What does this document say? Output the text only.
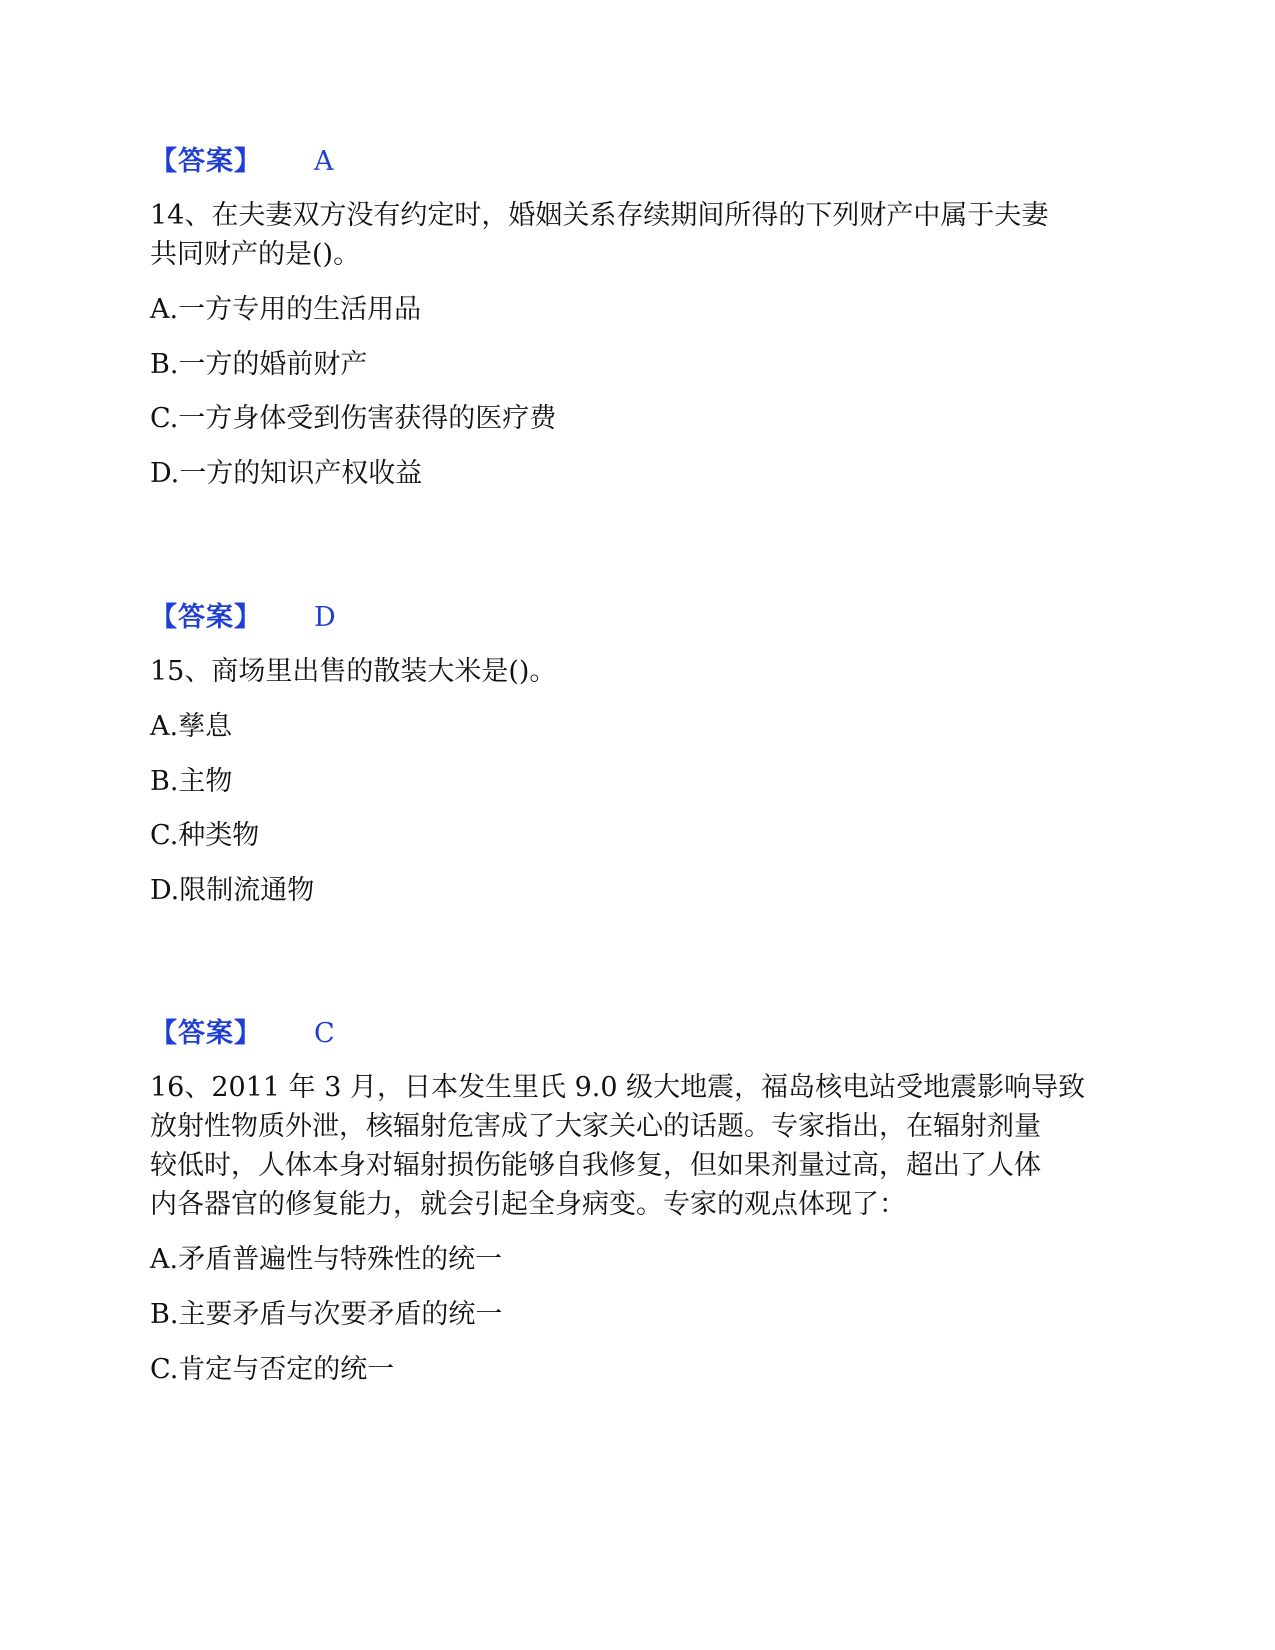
【答案】 A
14、在夫妻双方没有约定时，婚姻关系存续期间所得的下列财产中属于夫妻
共同财产的是()。
A.一方专用的生活用品
B.一方的婚前财产
C.一方身体受到伤害获得的医疗费
D.一方的知识产权收益
【答案】 D
15、商场里出售的散装大米是()。
A.孳息
B.主物
C.种类物
D.限制流通物
【答案】 C
16、2011 年 3 月，日本发生里氏 9.0 级大地震，福岛核电站受地震影响导致
放射性物质外泄，核辐射危害成了大家关心的话题。专家指出，在辐射剂量
较低时，人体本身对辐射损伤能够自我修复，但如果剂量过高，超出了人体
内各器官的修复能力，就会引起全身病变。专家的观点体现了：
A.矛盾普遍性与特殊性的统一
B.主要矛盾与次要矛盾的统一
C.肯定与否定的统一
